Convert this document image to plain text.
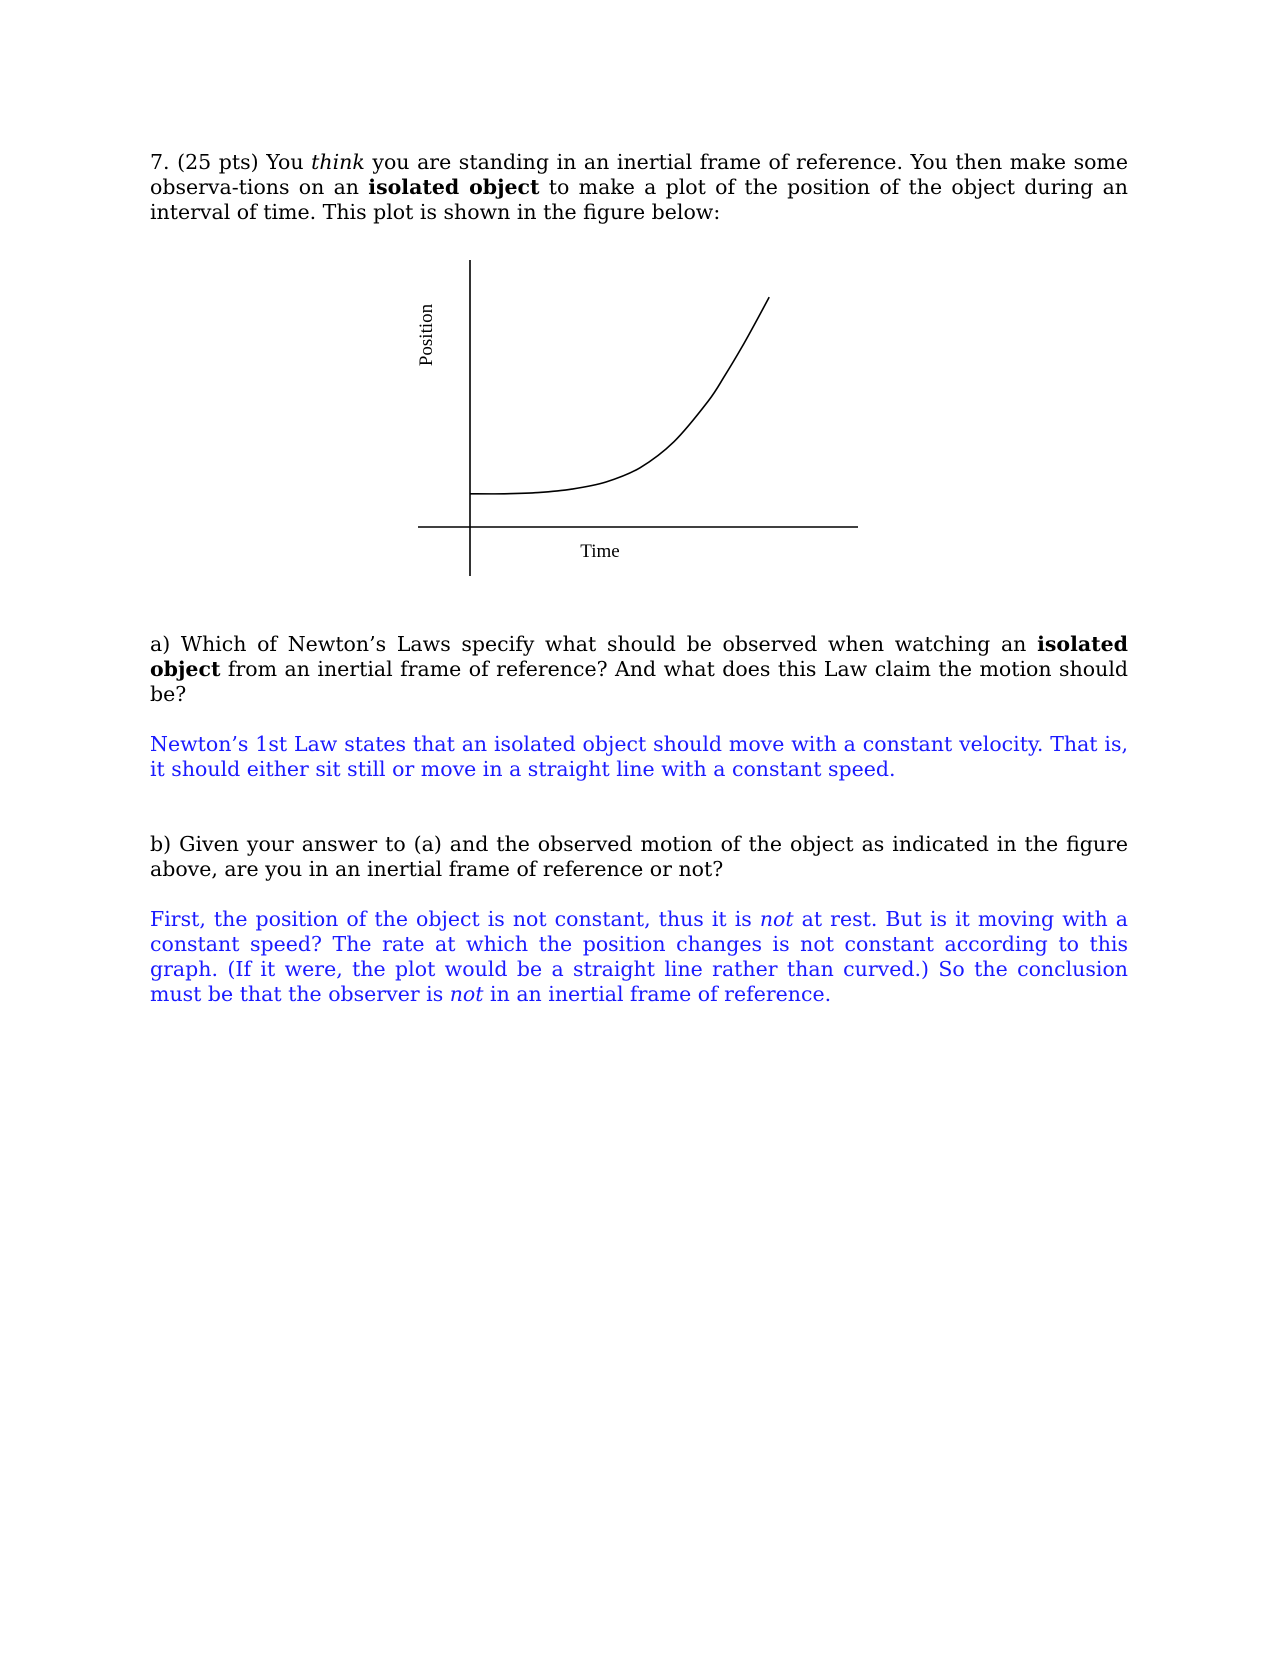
7. (25 pts) You think you are standing in an inertial frame of reference. You then make some observa-tions on an isolated object to make a plot of the position of the object during an interval of time. This plot is shown in the figure below:

Position
Time

a) Which of Newton’s Laws specify what should be observed when watching an isolated object from an inertial frame of reference? And what does this Law claim the motion should be?

Newton’s 1st Law states that an isolated object should move with a constant velocity. That is, it should either sit still or move in a straight line with a constant speed.

b) Given your answer to (a) and the observed motion of the object as indicated in the figure above, are you in an inertial frame of reference or not?

First, the position of the object is not constant, thus it is not at rest. But is it moving with a constant speed? The rate at which the position changes is not constant according to this graph. (If it were, the plot would be a straight line rather than curved.) So the conclusion must be that the observer is not in an inertial frame of reference.
